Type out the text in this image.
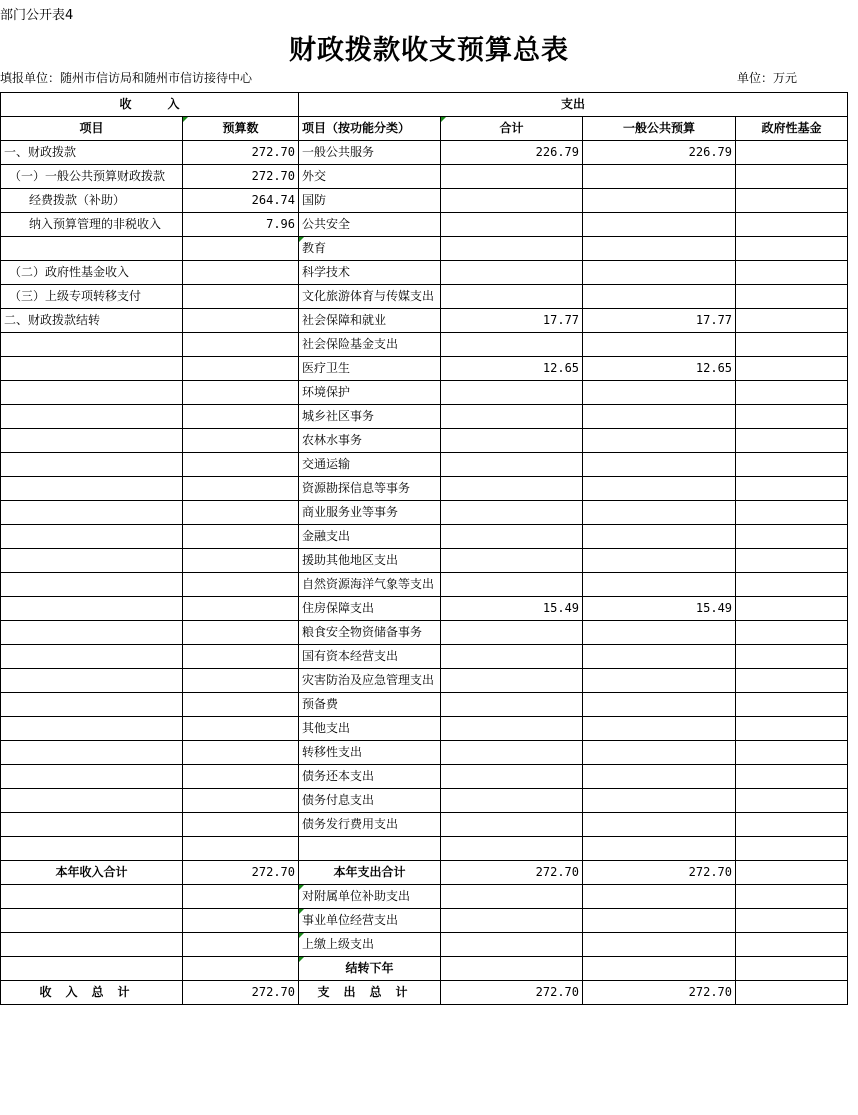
部门公开表4
财政拨款收支预算总表
填报单位：随州市信访局和随州市信访接待中心	单位：万元
收　　　入		支出			
项目	预算数	项目（按功能分类）	合计	一般公共预算	政府性基金
一、财政拨款	272.70	一般公共服务	226.79	226.79	
（一）一般公共预算财政拨款	272.70	外交			
经费拨款（补助）	264.74	国防			
纳入预算管理的非税收入	7.96	公共安全			
		教育			
（二）政府性基金收入		科学技术			
（三）上级专项转移支付		文化旅游体育与传媒支出			
二、财政拨款结转		社会保障和就业	17.77	17.77	
		社会保险基金支出			
		医疗卫生	12.65	12.65	
		环境保护			
		城乡社区事务			
		农林水事务			
		交通运输			
		资源勘探信息等事务			
		商业服务业等事务			
		金融支出			
		援助其他地区支出			
		自然资源海洋气象等支出			
		住房保障支出	15.49	15.49	
		粮食安全物资储备事务			
		国有资本经营支出			
		灾害防治及应急管理支出			
		预备费			
		其他支出			
		转移性支出			
		债务还本支出			
		债务付息支出			
		债务发行费用支出			

本年收入合计	272.70	本年支出合计	272.70	272.70	
		对附属单位补助支出			
		事业单位经营支出			
		上缴上级支出			
		结转下年			
收入总计	272.70	支出总计	272.70	272.70	
